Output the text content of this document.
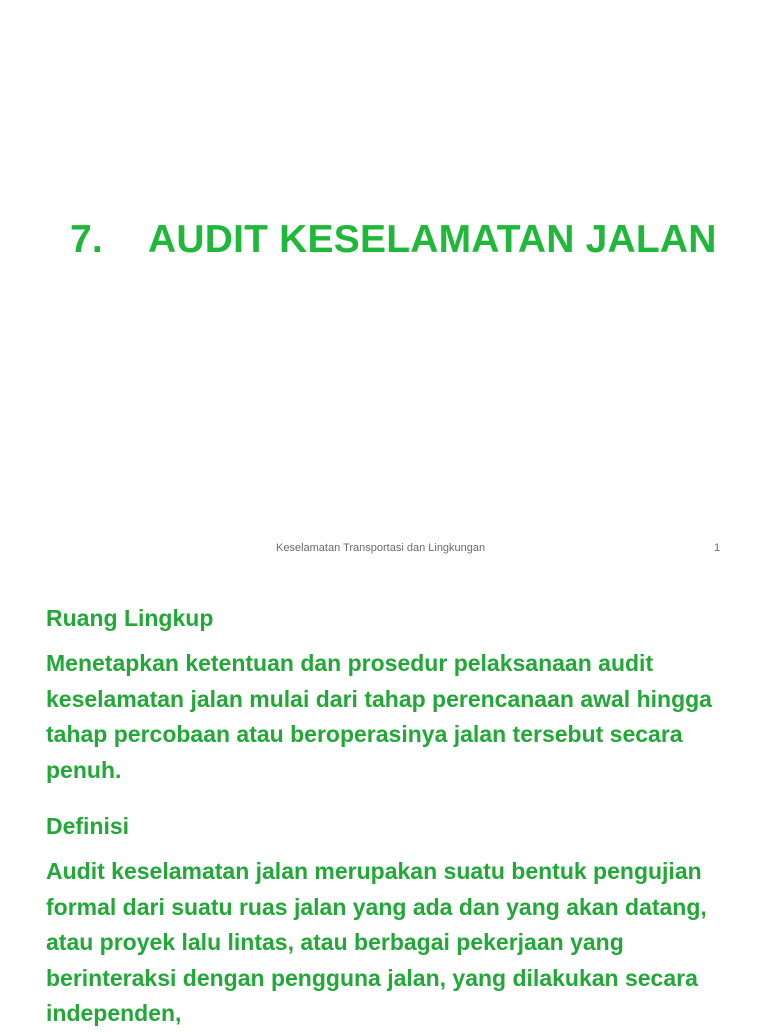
7. AUDIT KESELAMATAN JALAN
Keselamatan Transportasi dan Lingkungan	1
Ruang Lingkup
Menetapkan ketentuan dan prosedur pelaksanaan audit keselamatan jalan mulai dari tahap perencanaan awal hingga tahap percobaan atau beroperasinya jalan tersebut secara penuh.
Definisi
Audit keselamatan jalan merupakan suatu bentuk pengujian formal dari suatu ruas jalan yang ada dan yang akan datang, atau proyek lalu lintas, atau berbagai pekerjaan yang berinteraksi dengan pengguna jalan, yang dilakukan secara independen,
